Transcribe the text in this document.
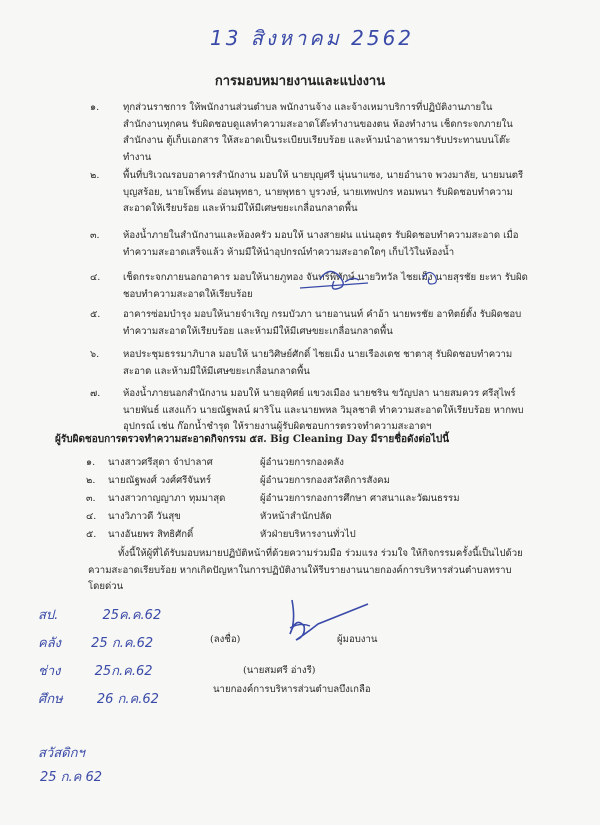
13 สิงหาคม 2562
การมอบหมายงานและแบ่งงาน
๑. ทุกส่วนราชการ ให้พนักงานส่วนตำบล พนักงานจ้าง และจ้างเหมาบริการที่ปฏิบัติงานภายในสำนักงานทุกคน รับผิดชอบดูแลทำความสะอาดโต๊ะทำงานของตน ห้องทำงาน เช็ดกระจกภายในสำนักงาน ตู้เก็บเอกสาร ให้สะอาดเป็นระเบียบเรียบร้อย และห้ามนำอาหารมารับประทานบนโต๊ะทำงาน
๒. พื้นที่บริเวณรอบอาคารสำนักงาน มอบให้ นายบุญศรี นุ่นนาแซง, นายอำนาจ พวงมาลัย, นายมนตรี บุญสร้อย, นายโพธิ์ทน อ่อนพุทธา, นายพุทธา บูรวงษ์, นายเทพปกร หอมพนา รับผิดชอบทำความสะอาดให้เรียบร้อย และห้ามมีให้มีเศษขยะเกลื่อนกลาดพื้น
๓. ห้องน้ำภายในสำนักงานและห้องครัว มอบให้ นางสายฝน แน่นอุตร รับผิดชอบทำความสะอาด เมื่อทำความสะอาดเสร็จแล้ว ห้ามมีให้นำอุปกรณ์ทำความสะอาดใดๆ เก็บไว้ในห้องน้ำ
๔. เช็ดกระจกภายนอกอาคาร มอบให้นายภูทอง จันทร์พิทักษ์ นายวิทวัล ไชยเม็ง นายสุรชัย ยะหา รับผิดชอบทำความสะอาดให้เรียบร้อย
๕. อาคารซ่อมบำรุง มอบให้นายจำเริญ กรมบัวภา นายอานนท์ คำอ้า นายพรชัย อาทิตย์ตั้ง รับผิดชอบทำความสะอาดให้เรียบร้อย และห้ามมีให้มีเศษขยะเกลื่อนกลาดพื้น
๖. หอประชุมธรรมาภิบาล มอบให้ นายวิศิษย์ศักดิ์ ไชยเม็ง นายเรืองเดช ชาตาสุ รับผิดชอบทำความสะอาด และห้ามมีให้มีเศษขยะเกลื่อนกลาดพื้น
๗. ห้องน้ำภายนอกสำนักงาน มอบให้ นายอุทิศย์ แขวงเมือง นายชริน ขวัญปลา นายสมควร ศรีสุไพร์ นายพันธ์ แสงแก้ว นายณัฐพลน์ ผาริโน และนายพหล วิมุลชาติ ทำความสะอาดให้เรียบร้อย หากพบอุปกรณ์ เช่น ก๊อกน้ำชำรุด ให้รายงานผู้รับผิดชอบการตรวจทำความสะอาดฯ
ผู้รับผิดชอบการตรวจทำความสะอาดกิจกรรม ๕ส. Big Cleaning Day มีรายชื่อดังต่อไปนี้
๑. นางสาวศรีสุดา จำปาลาศ	ผู้อำนวยการกองคลัง
๒. นายณัฐพงศ์ วงศ์ศรีจันทร์	ผู้อำนวยการกองสวัสดิการสังคม
๓. นางสาวกาญญาภา ทุมมาสุด	ผู้อำนวยการกองการศึกษา ศาสนาและวัฒนธรรม
๔. นางวิภาวดี วันสุข	หัวหน้าสำนักปลัด
๕. นางอันยพร สิทธิศักดิ์	หัวฝ่ายบริหารงานทั่วไป
ทั้งนี้ให้ผู้ที่ได้รับมอบหมายปฏิบัติหน้าที่ด้วยความร่วมมือ ร่วมแรง ร่วมใจ ให้กิจกรรมครั้งนี้เป็นไปด้วยความสะอาดเรียบร้อย หากเกิดปัญหาในการปฏิบัติงานให้รีบรายงานนายกองค์การบริหารส่วนตำบลทราบโดยด่วน
(ลงชื่อ)	ผู้มอบงาน
(นายสมศรี อ่างรี)
นายกองค์การบริหารส่วนตำบลบึงเกลือ
สป.	25ค.ค.62
คลัง 25 ก.ค.62
ช่าง	25ก.ค.62
ศึกษ	26 ก.ค.62
สวัสดิกฯ
25 ก.ค 62
